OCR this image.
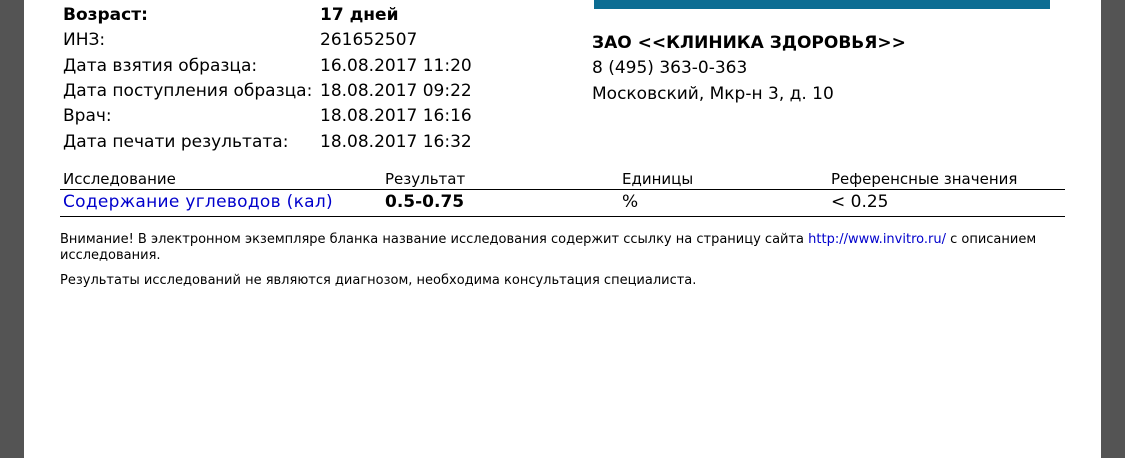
Возраст:	17 дней
ИНЗ:	261652507
Дата взятия образца:	16.08.2017 11:20
Дата поступления образца: 18.08.2017 09:22
Врач:	18.08.2017 16:16
Дата печати результата: 18.08.2017 16:32
ЗАО <<КЛИНИКА ЗДОРОВЬЯ>>
8 (495) 363-0-363
Московский, Мкр-н 3, д. 10
Исследование	Результат	Единицы	Референсные значения
Содержание углеводов (кал)	0.5-0.75	%	< 0.25
Внимание! В электронном экземпляре бланка название исследования содержит ссылку на страницу сайта http://www.invitro.ru/ с описанием исследования.
Результаты исследований не являются диагнозом, необходима консультация специалиста.
